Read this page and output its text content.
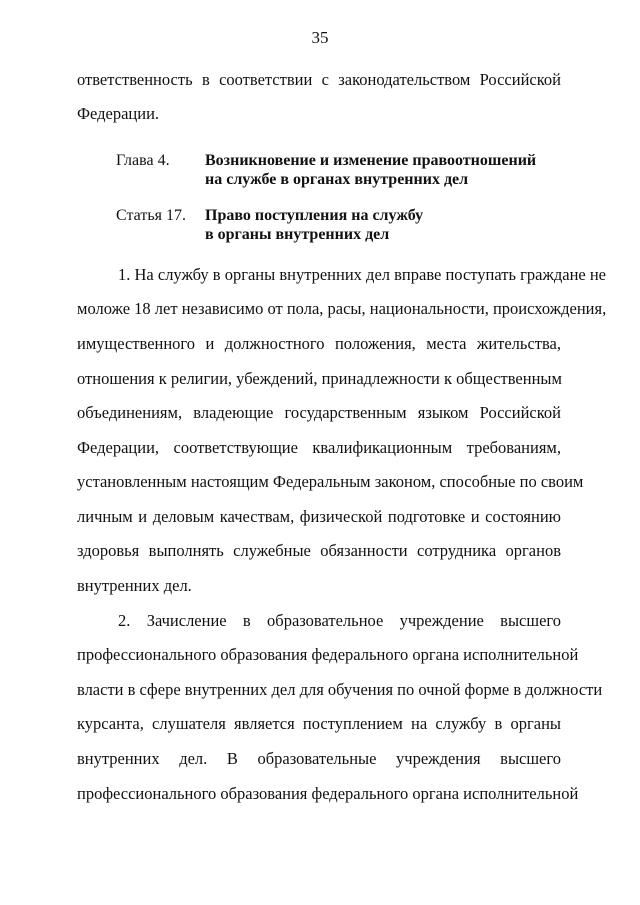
35
ответственность в соответствии с законодательством Российской
Федерации.
Глава 4.	Возникновение и изменение правоотношений
на службе в органах внутренних дел
Статья 17.	Право поступления на службу
в органы внутренних дел
1. На службу в органы внутренних дел вправе поступать граждане не
моложе 18 лет независимо от пола, расы, национальности, происхождения,
имущественного и должностного положения, места жительства,
отношения к религии, убеждений, принадлежности к общественным
объединениям, владеющие государственным языком Российской
Федерации, соответствующие квалификационным требованиям,
установленным настоящим Федеральным законом, способные по своим
личным и деловым качествам, физической подготовке и состоянию
здоровья выполнять служебные обязанности сотрудника органов
внутренних дел.
2. Зачисление в образовательное учреждение высшего
профессионального образования федерального органа исполнительной
власти в сфере внутренних дел для обучения по очной форме в должности
курсанта, слушателя является поступлением на службу в органы
внутренних дел. В образовательные учреждения высшего
профессионального образования федерального органа исполнительной
